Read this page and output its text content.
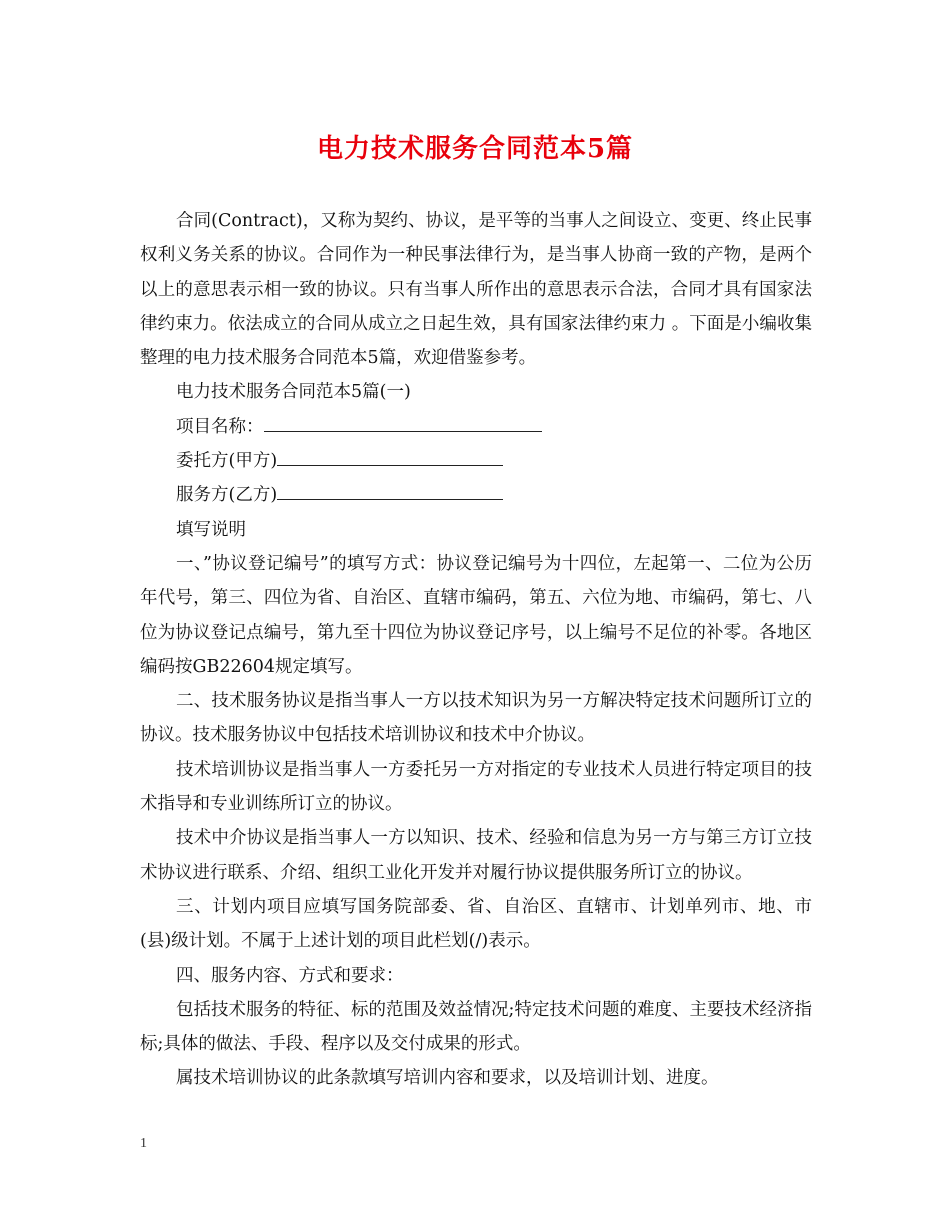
电力技术服务合同范本5篇

合同(Contract)，又称为契约、协议，是平等的当事人之间设立、变更、终止民事权利义务关系的协议。合同作为一种民事法律行为，是当事人协商一致的产物，是两个以上的意思表示相一致的协议。只有当事人所作出的意思表示合法，合同才具有国家法律约束力。依法成立的合同从成立之日起生效，具有国家法律约束力 。下面是小编收集整理的电力技术服务合同范本5篇，欢迎借鉴参考。

电力技术服务合同范本5篇(一)

项目名称：

委托方(甲方)

服务方(乙方)

填写说明

一、”协议登记编号”的填写方式：协议登记编号为十四位，左起第一、二位为公历年代号，第三、四位为省、自治区、直辖市编码，第五、六位为地、市编码，第七、八位为协议登记点编号，第九至十四位为协议登记序号，以上编号不足位的补零。各地区编码按GB22604规定填写。

二、技术服务协议是指当事人一方以技术知识为另一方解决特定技术问题所订立的协议。技术服务协议中包括技术培训协议和技术中介协议。

技术培训协议是指当事人一方委托另一方对指定的专业技术人员进行特定项目的技术指导和专业训练所订立的协议。

技术中介协议是指当事人一方以知识、技术、经验和信息为另一方与第三方订立技术协议进行联系、介绍、组织工业化开发并对履行协议提供服务所订立的协议。

三、计划内项目应填写国务院部委、省、自治区、直辖市、计划单列市、地、市(县)级计划。不属于上述计划的项目此栏划(/)表示。

四、服务内容、方式和要求：

包括技术服务的特征、标的范围及效益情况;特定技术问题的难度、主要技术经济指标;具体的做法、手段、程序以及交付成果的形式。

属技术培训协议的此条款填写培训内容和要求，以及培训计划、进度。

1
